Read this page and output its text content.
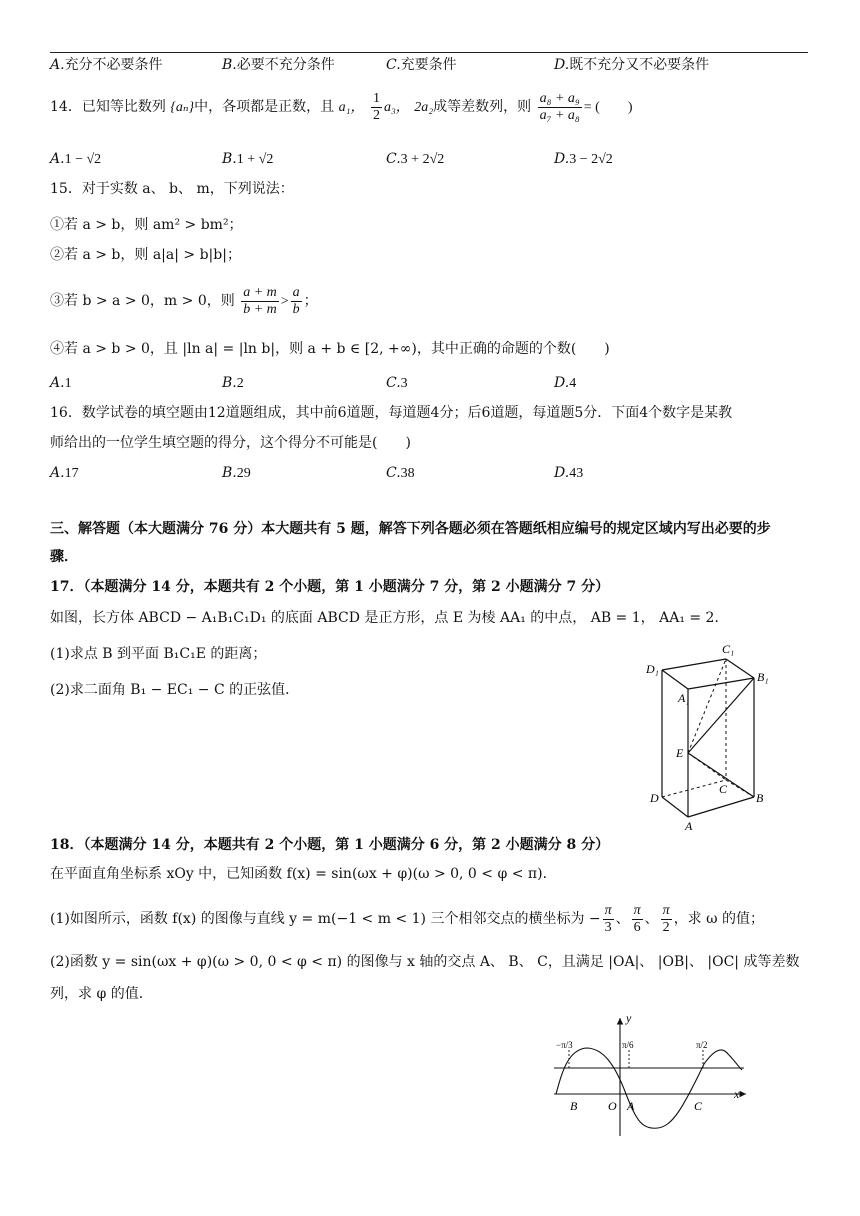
A.充分不必要条件	B.必要不充分条件	C.充要条件	D.既不充分又不必要条件
14．已知等比数列 {aₙ}中，各项都是正数，且 a₁， $\frac{1}{2} a_3$， 2a₂成等差数列，则 $\frac{\text{a₈ + a₉}}{\text{a₇ + a₈}}$ = (　　)
A.1 − √2	B.1 + √2	C.3 + 2√2	D.3 − 2√2
15．对于实数 a、 b、 m，下列说法：
①若 a > b，则 am² > bm²；
②若 a > b，则 a|a| > b|b|；
③若 b > a > 0，m > 0，则 $\frac{a + m}{b + m} > \frac{a}{b}$ ；
④若 a > b > 0，且 |ln a| = |ln b|，则 a + b ∈ [2, +∞)，其中正确的命题的个数(　　)
A.1	B.2	C.3	D.4
16．数学试卷的填空题由12道题组成，其中前6道题，每道题4分；后6道题，每道题5分．下面4个数字是某教
师给出的一位学生填空题的得分，这个得分不可能是(　　)
A.17	B.29	C.38	D.43
三、解答题（本大题满分 76 分）本大题共有 5 题，解答下列各题必须在答题纸相应编号的规定区域内写出必要的步
骤．
17．（本题满分 14 分，本题共有 2 个小题，第 1 小题满分 7 分，第 2 小题满分 7 分）
如图，长方体 ABCD − A₁B₁C₁D₁ 的底面 ABCD 是正方形，点 E 为棱 AA₁ 的中点， AB = 1， AA₁ = 2．
(1)求点 B 到平面 B₁C₁E 的距离；
(2)求二面角 B₁ − EC₁ − C 的正弦值．
C₁
D₁
B₁
A₁
E
C
D	B
A
18．（本题满分 14 分，本题共有 2 个小题，第 1 小题满分 6 分，第 2 小题满分 8 分）
在平面直角坐标系 xOy 中，已知函数 f(x) = sin(ωx + φ)(ω > 0, 0 < φ < π)．
(1)如图所示，函数 f(x) 的图像与直线 y = m(−1 < m < 1) 三个相邻交点的横坐标为 − $\frac{\pi}{3}$ 、 $\frac{\pi}{6}$ 、 $\frac{\pi}{2}$ ，求 ω 的值；
(2)函数 y = sin(ωx + φ)(ω > 0, 0 < φ < π) 的图像与 x 轴的交点 A、 B、 C，且满足 |OA|、 |OB|、 |OC| 成等差数
列，求 φ 的值．
y
x
O A
B	C
−π/3	π/6	π/2
